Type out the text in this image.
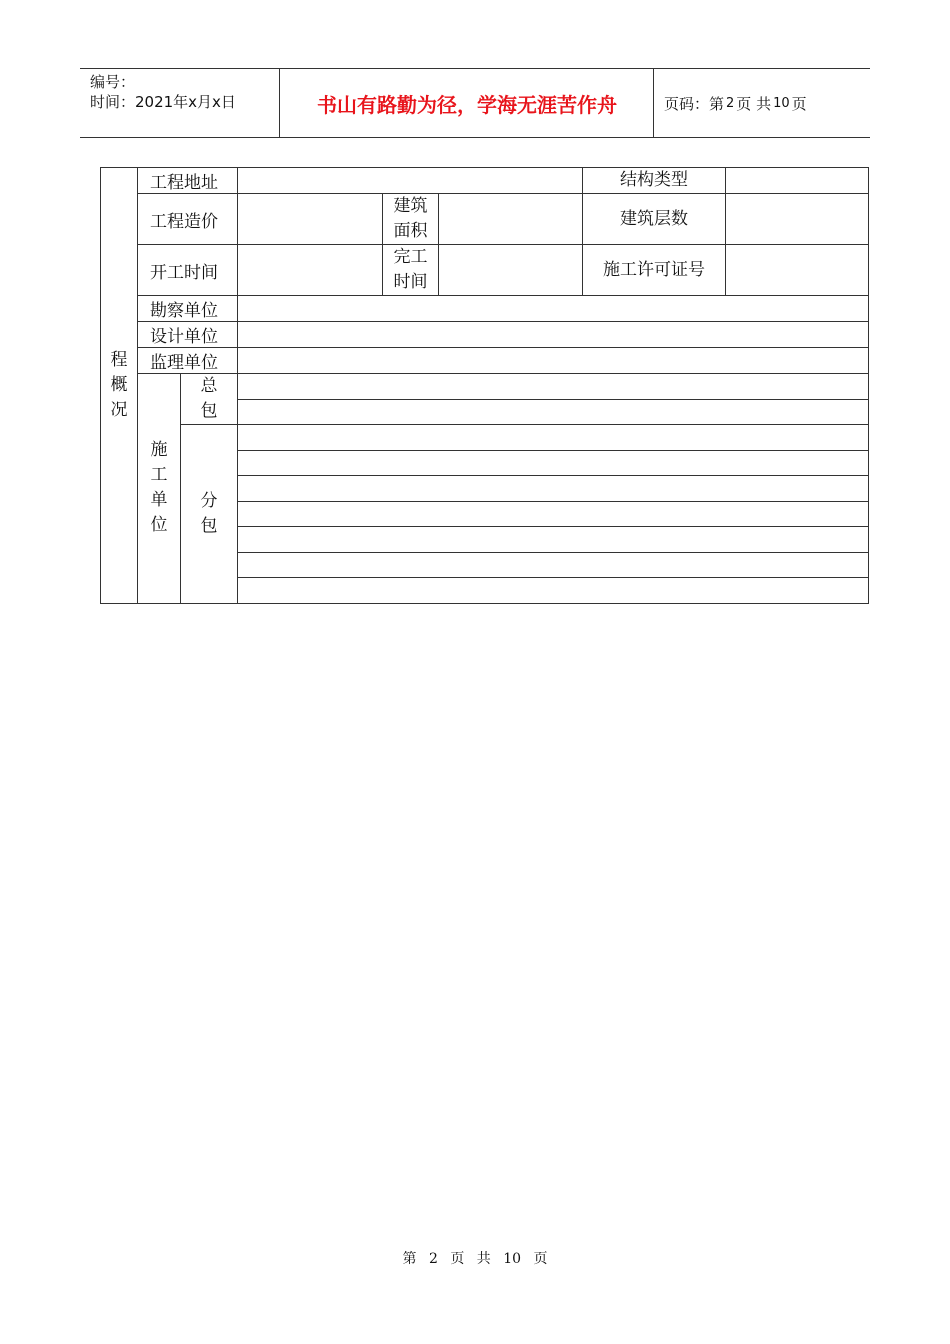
编号：
时间：2021年x月x日	书山有路勤为径，学海无涯苦作舟	页码：第 2 页 共 10 页
程概况	工程地址					结构类型	
	工程造价			建筑面积		建筑层数	
	开工时间			完工时间		施工许可证号	
	勘察单位						
	设计单位						
	监理单位						

	施工单位	总包					

		分包					

第 2 页 共 10 页
